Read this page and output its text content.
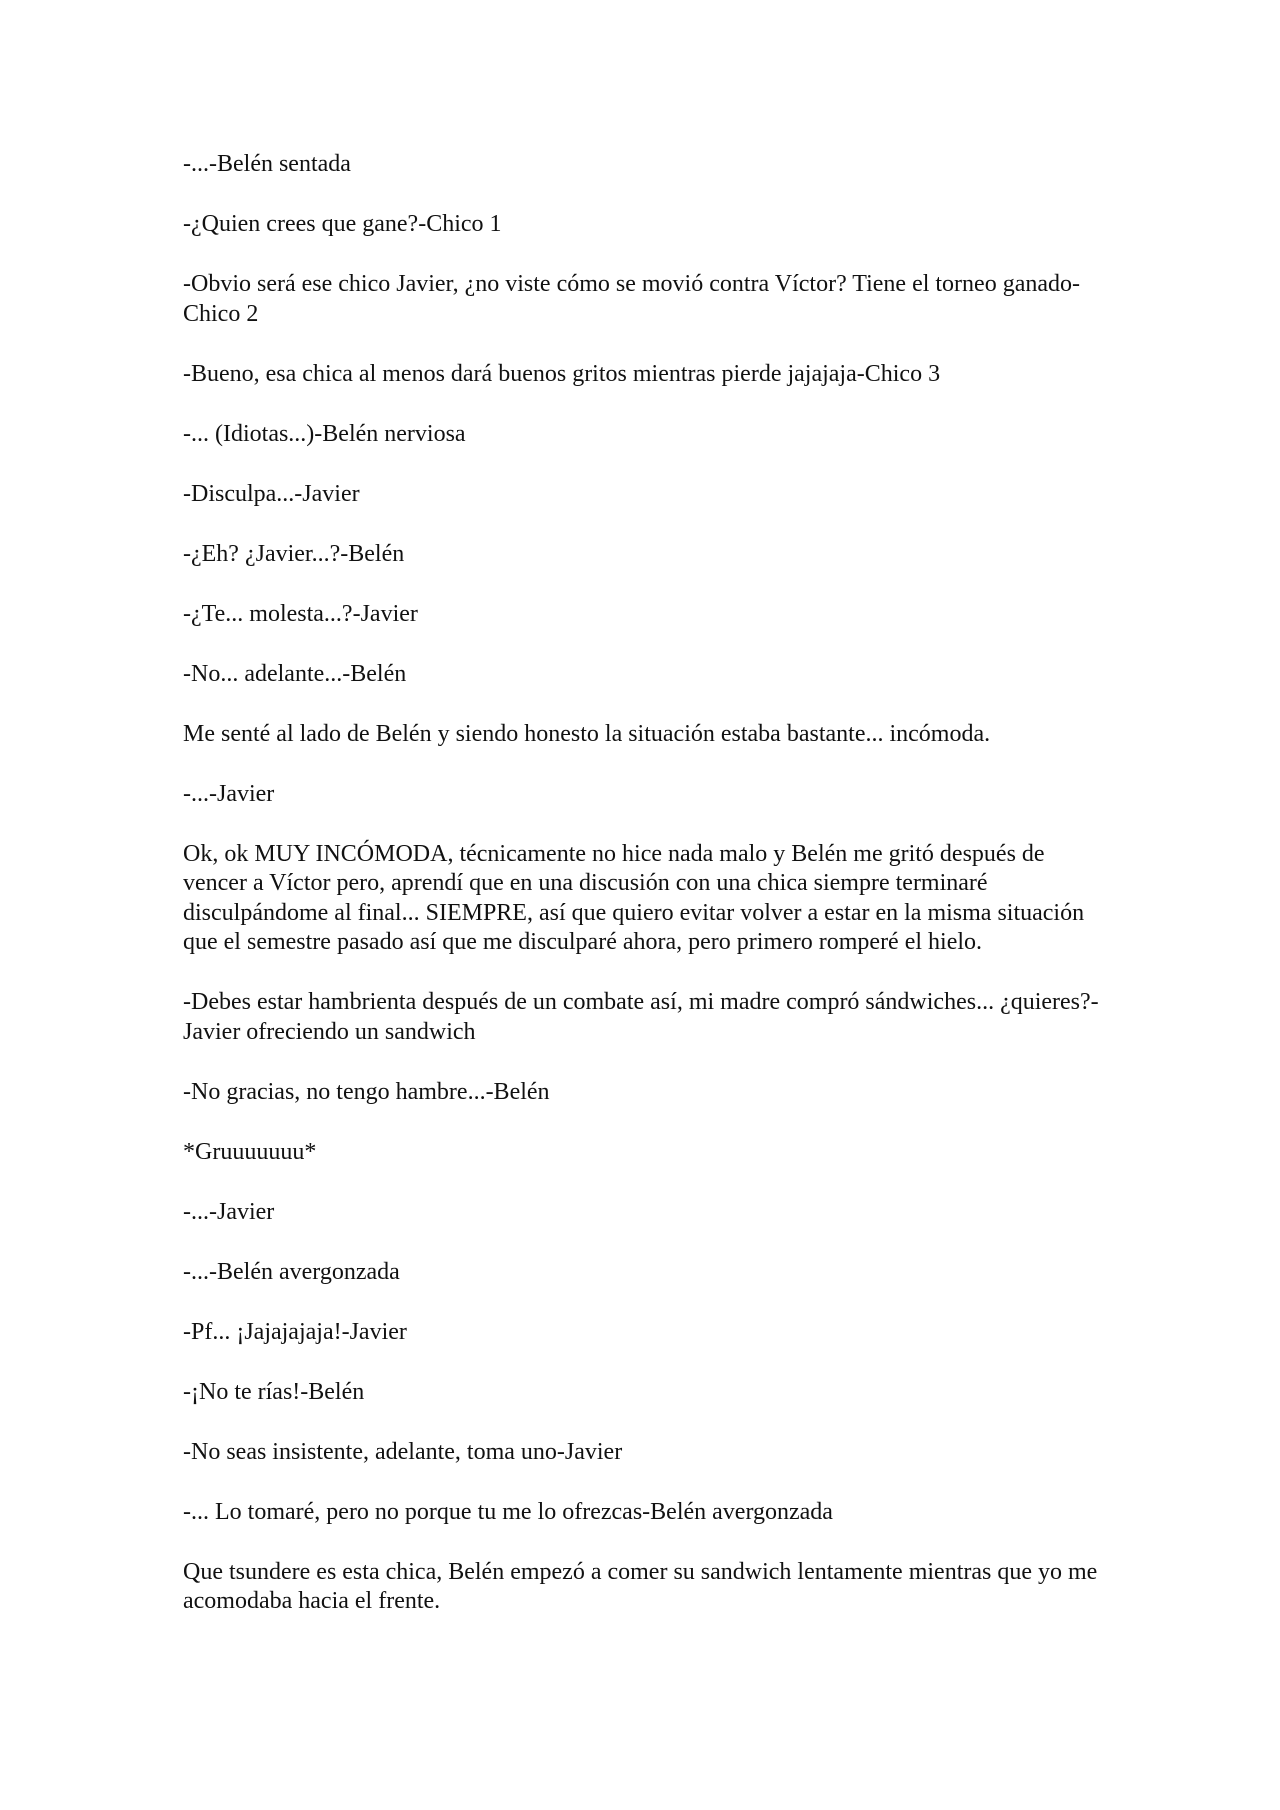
-...-Belén sentada

-¿Quien crees que gane?-Chico 1

-Obvio será ese chico Javier, ¿no viste cómo se movió contra Víctor? Tiene el torneo ganado-Chico 2

-Bueno, esa chica al menos dará buenos gritos mientras pierde jajajaja-Chico 3

-... (Idiotas...)-Belén nerviosa

-Disculpa...-Javier

-¿Eh? ¿Javier...?-Belén

-¿Te... molesta...?-Javier

-No... adelante...-Belén

Me senté al lado de Belén y siendo honesto la situación estaba bastante... incómoda.

-...-Javier

Ok, ok MUY INCÓMODA, técnicamente no hice nada malo y Belén me gritó después de vencer a Víctor pero, aprendí que en una discusión con una chica siempre terminaré disculpándome al final... SIEMPRE, así que quiero evitar volver a estar en la misma situación que el semestre pasado así que me disculparé ahora, pero primero romperé el hielo.

-Debes estar hambrienta después de un combate así, mi madre compró sándwiches... ¿quieres?-Javier ofreciendo un sandwich

-No gracias, no tengo hambre...-Belén

*Gruuuuuuu*

-...-Javier

-...-Belén avergonzada

-Pf... ¡Jajajajaja!-Javier

-¡No te rías!-Belén

-No seas insistente, adelante, toma uno-Javier

-... Lo tomaré, pero no porque tu me lo ofrezcas-Belén avergonzada

Que tsundere es esta chica, Belén empezó a comer su sandwich lentamente mientras que yo me acomodaba hacia el frente.
